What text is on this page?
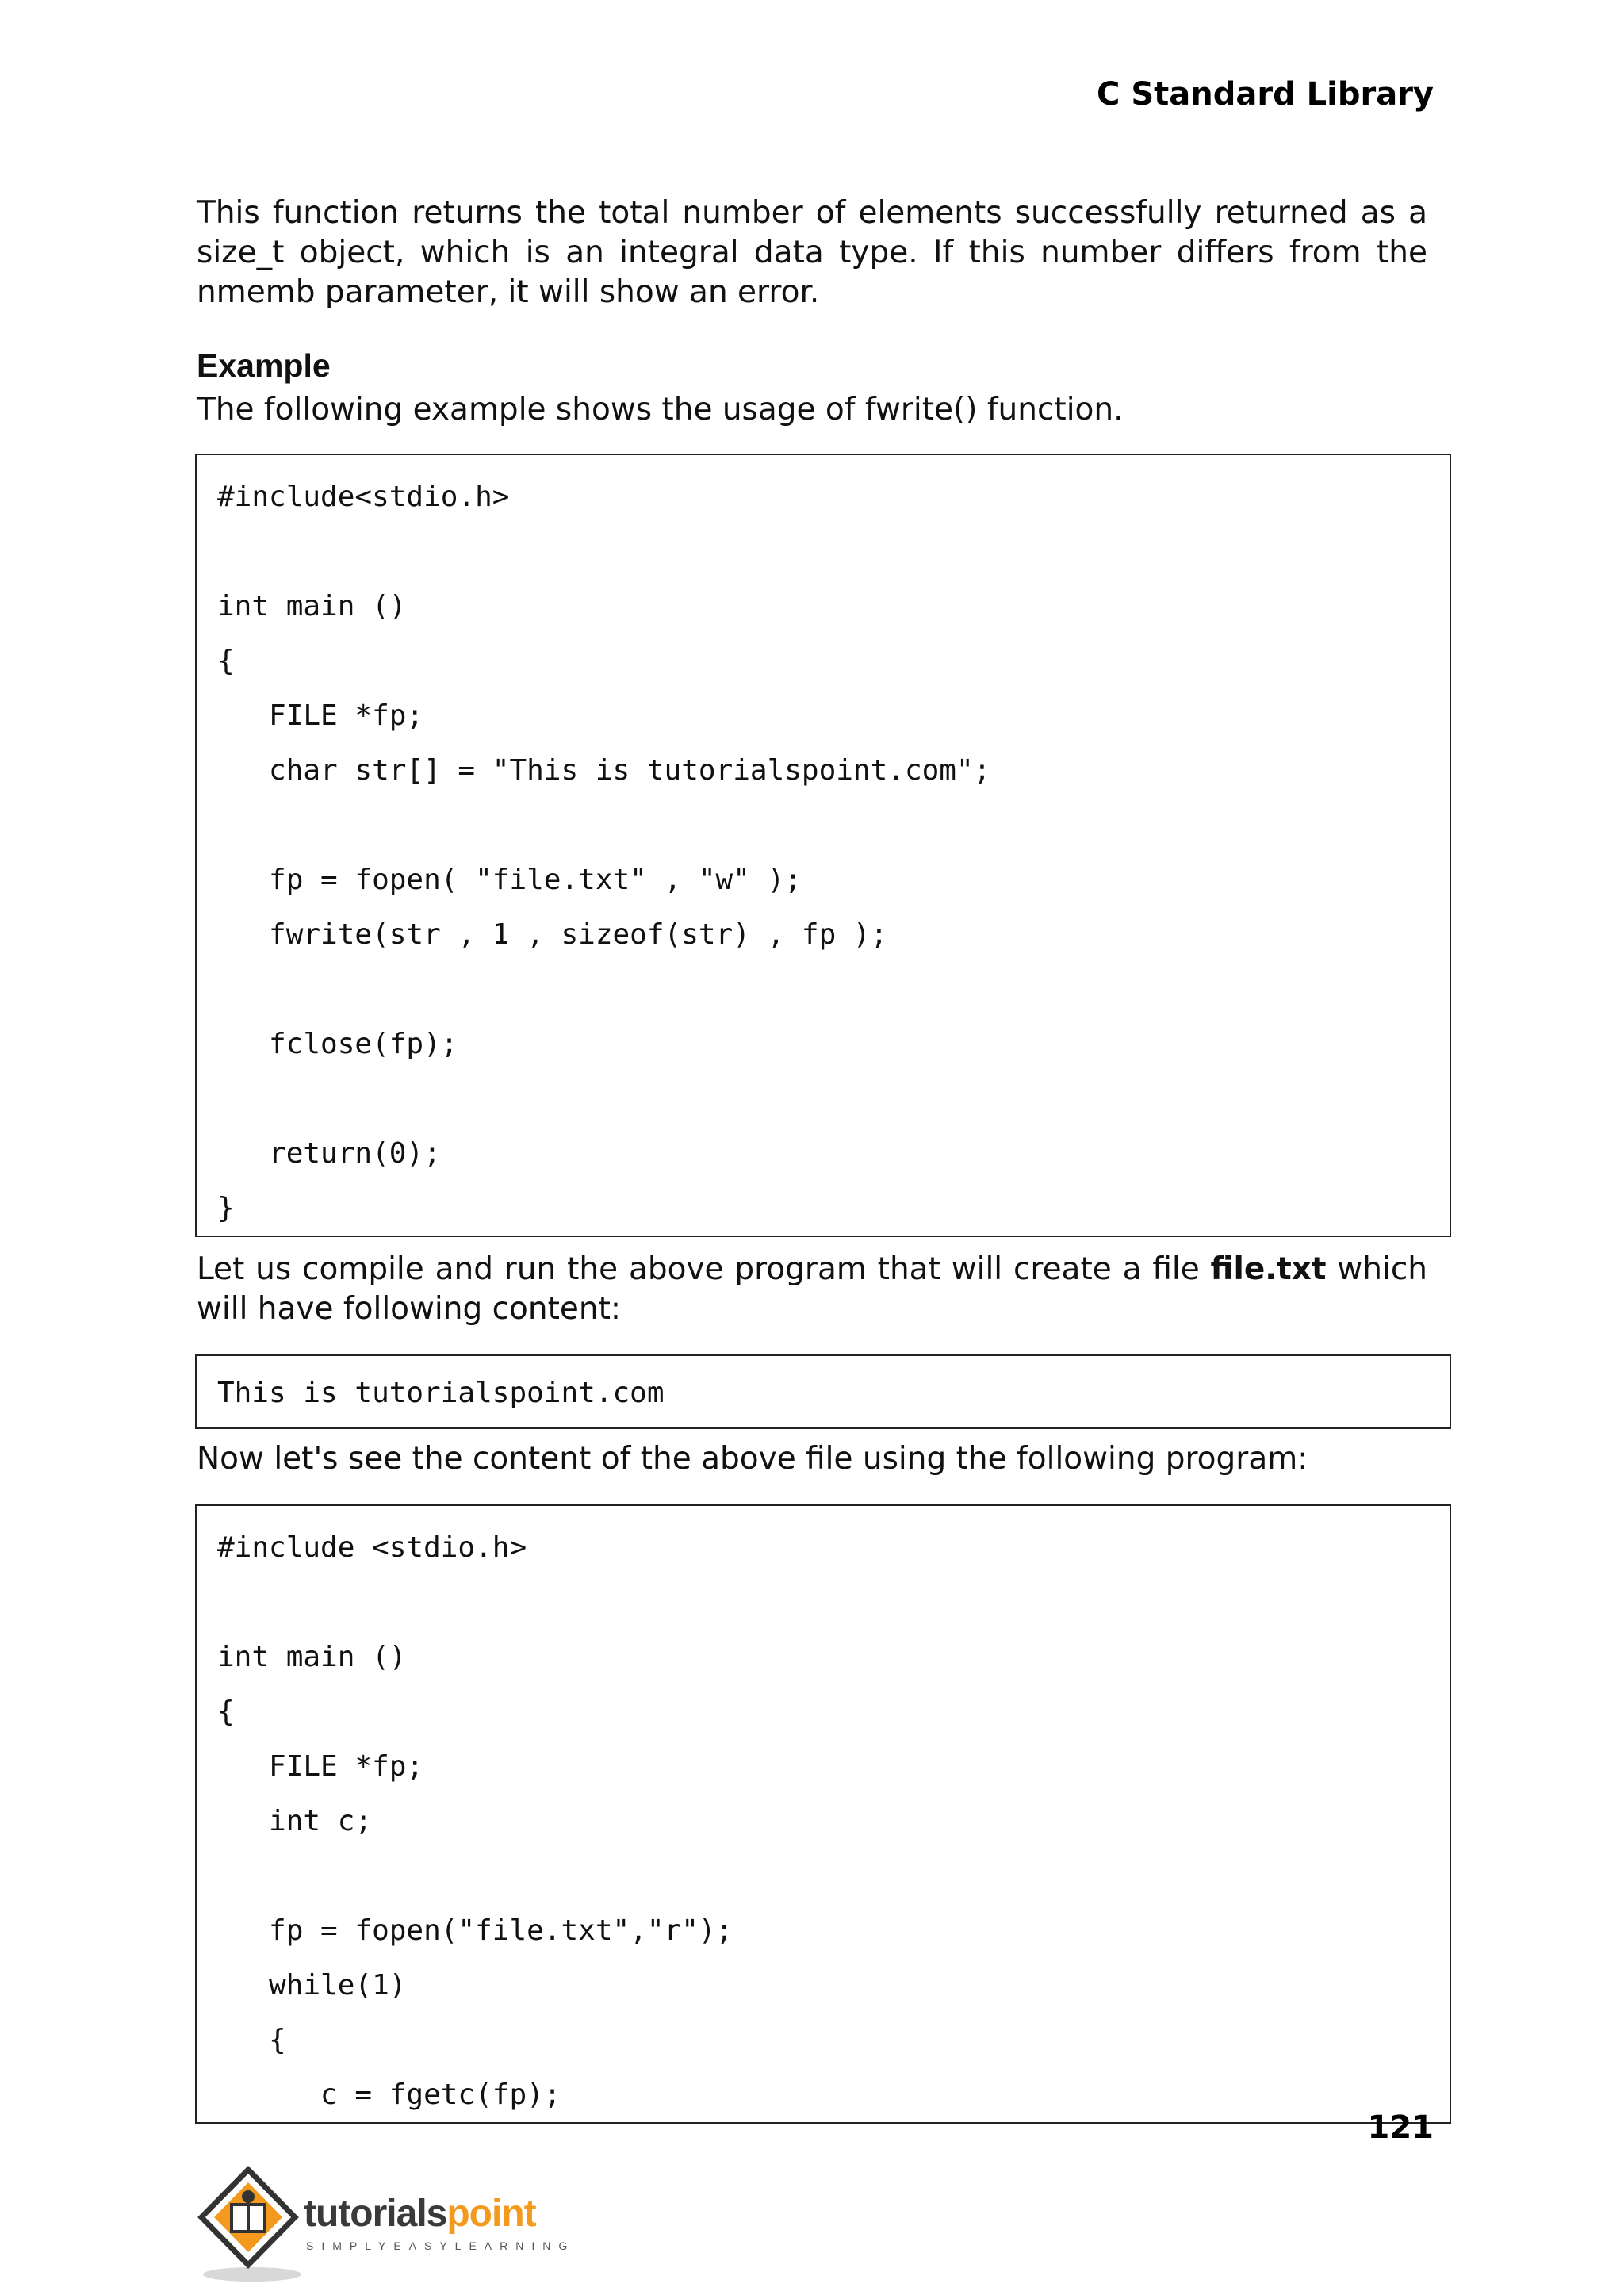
C Standard Library
This function returns the total number of elements successfully returned as a size_t object, which is an integral data type. If this number differs from the nmemb parameter, it will show an error.
Example
The following example shows the usage of fwrite() function.
#include<stdio.h>
int main ()
{
FILE *fp;
char str[] = "This is tutorialspoint.com";
fp = fopen( "file.txt" , "w" );
fwrite(str , 1 , sizeof(str) , fp );
fclose(fp);
return(0);
}
Let us compile and run the above program that will create a file file.txt which will have following content:
This is tutorialspoint.com
Now let's see the content of the above file using the following program:
#include <stdio.h>
int main ()
{
FILE *fp;
int c;
fp = fopen("file.txt","r");
while(1)
{
c = fgetc(fp);
121
tutorialspoint
SIMPLYEASYLEARNING
